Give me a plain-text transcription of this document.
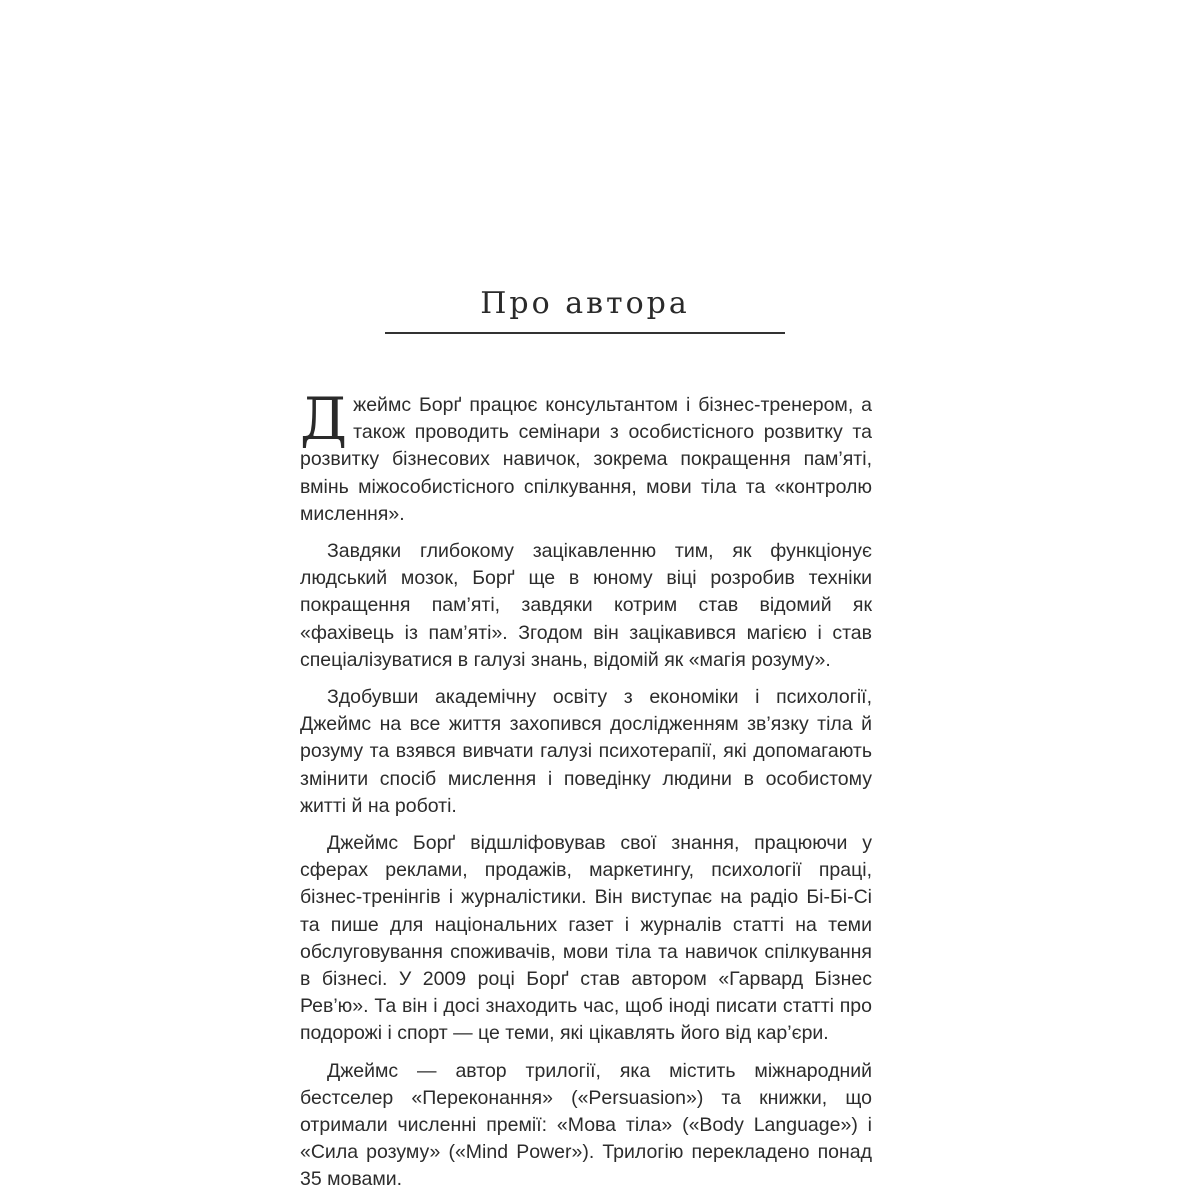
Про автора

Джеймс Борґ працює консультантом і бізнес-тренером, а також проводить семінари з особистісного розвитку та розвитку бізнесових навичок, зокрема покращення пам’яті, вмінь міжособистісного спілкування, мови тіла та «контролю мислення».

Завдяки глибокому зацікавленню тим, як функціонує людський мозок, Борґ ще в юному віці розробив техніки покращення пам’яті, завдяки котрим став відомий як «фахівець із пам’яті». Згодом він зацікавився магією і став спеціалізуватися в галузі знань, відомій як «магія розуму».

Здобувши академічну освіту з економіки і психології, Джеймс на все життя захопився дослідженням зв’язку тіла й розуму та взявся вивчати галузі психотерапії, які допомагають змінити спосіб мислення і поведінку людини в особистому житті й на роботі.

Джеймс Борґ відшліфовував свої знання, працюючи у сферах реклами, продажів, маркетингу, психології праці, бізнес-тренінгів і журналістики. Він виступає на радіо Бі-Бі-Сі та пише для національних газет і журналів статті на теми обслуговування споживачів, мови тіла та навичок спілкування в бізнесі. У 2009 році Борґ став автором «Гарвард Бізнес Рев’ю». Та він і досі знаходить час, щоб іноді писати статті про подорожі і спорт — це теми, які цікавлять його від кар’єри.

Джеймс — автор трилогії, яка містить міжнародний бестселер «Переконання» («Persuasion») та книжки, що отримали численні премії: «Мова тіла» («Body Language») і «Сила розуму» («Mind Power»). Трилогію перекладено понад 35 мовами.
